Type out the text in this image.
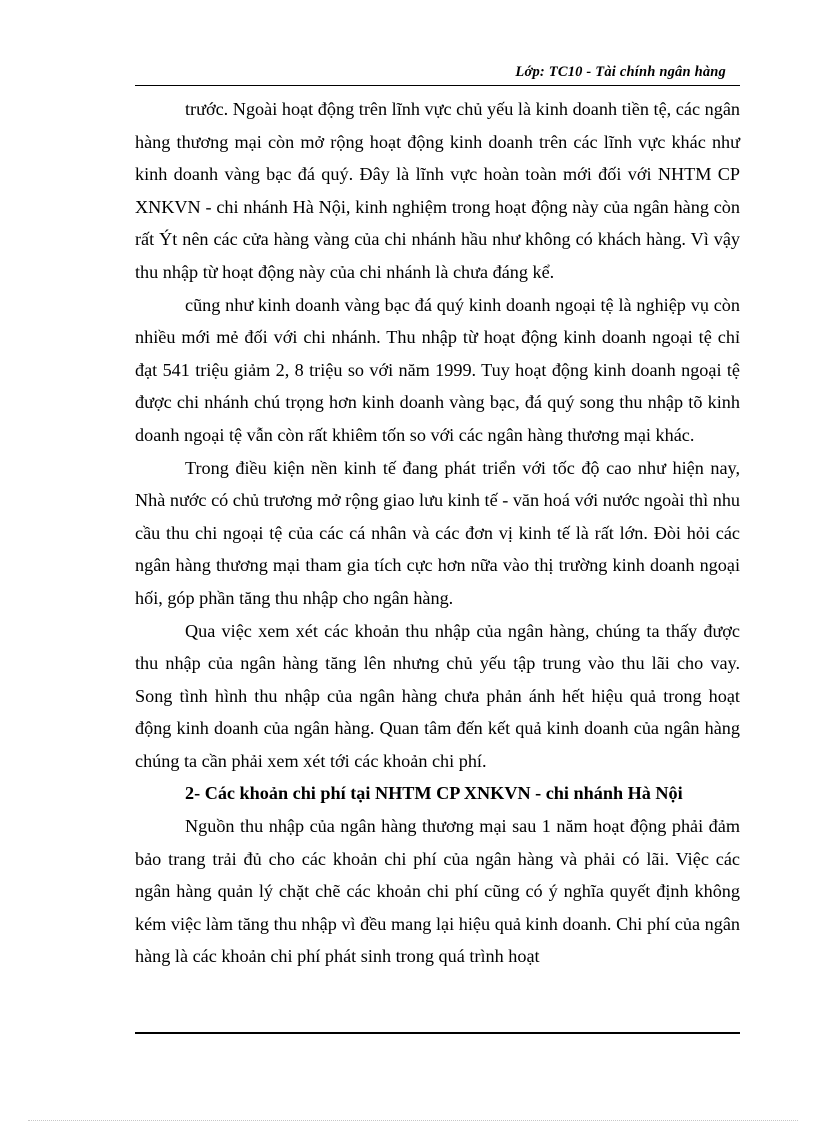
Lớp: TC10 - Tài chính ngân hàng

trước. Ngoài hoạt động trên lĩnh vực chủ yếu là kinh doanh tiền tệ, các ngân hàng thương mại còn mở rộng hoạt động kinh doanh trên các lĩnh vực khác như kinh doanh vàng bạc đá quý. Đây là lĩnh vực hoàn toàn mới đối với NHTM CP XNKVN - chi nhánh Hà Nội, kinh nghiệm trong hoạt động này của ngân hàng còn rất Ýt nên các cửa hàng vàng của chi nhánh hầu như không có khách hàng. Vì vậy thu nhập từ hoạt động này của chi nhánh là chưa đáng kể.

cũng như kinh doanh vàng bạc đá quý kinh doanh ngoại tệ là nghiệp vụ còn nhiều mới mẻ đối với chi nhánh. Thu nhập từ hoạt động kinh doanh ngoại tệ chỉ đạt 541 triệu giảm 2, 8 triệu so với năm 1999. Tuy hoạt động kinh doanh ngoại tệ được chi nhánh chú trọng hơn kinh doanh vàng bạc, đá quý song thu nhập tõ kinh doanh ngoại tệ vẫn còn rất khiêm tốn so với các ngân hàng thương mại khác.

Trong điều kiện nền kinh tế đang phát triển với tốc độ cao như hiện nay, Nhà nước có chủ trương mở rộng giao lưu kinh tế - văn hoá với nước ngoài thì nhu cầu thu chi ngoại tệ của các cá nhân và các đơn vị kinh tế là rất lớn. Đòi hỏi các ngân hàng thương mại tham gia tích cực hơn nữa vào thị trường kinh doanh ngoại hối, góp phần tăng thu nhập cho ngân hàng.

Qua việc xem xét các khoản thu nhập của ngân hàng, chúng ta thấy được thu nhập của ngân hàng tăng lên nhưng chủ yếu tập trung vào thu lãi cho vay. Song tình hình thu nhập của ngân hàng chưa phản ánh hết hiệu quả trong hoạt động kinh doanh của ngân hàng. Quan tâm đến kết quả kinh doanh của ngân hàng chúng ta cần phải xem xét tới các khoản chi phí.

2- Các khoản chi phí tại NHTM CP XNKVN - chi nhánh Hà Nội

Nguồn thu nhập của ngân hàng thương mại sau 1 năm hoạt động phải đảm bảo trang trải đủ cho các khoản chi phí của ngân hàng và phải có lãi. Việc các ngân hàng quản lý chặt chẽ các khoản chi phí cũng có ý nghĩa quyết định không kém việc làm tăng thu nhập vì đều mang lại hiệu quả kinh doanh. Chi phí của ngân hàng là các khoản chi phí phát sinh trong quá trình hoạt
